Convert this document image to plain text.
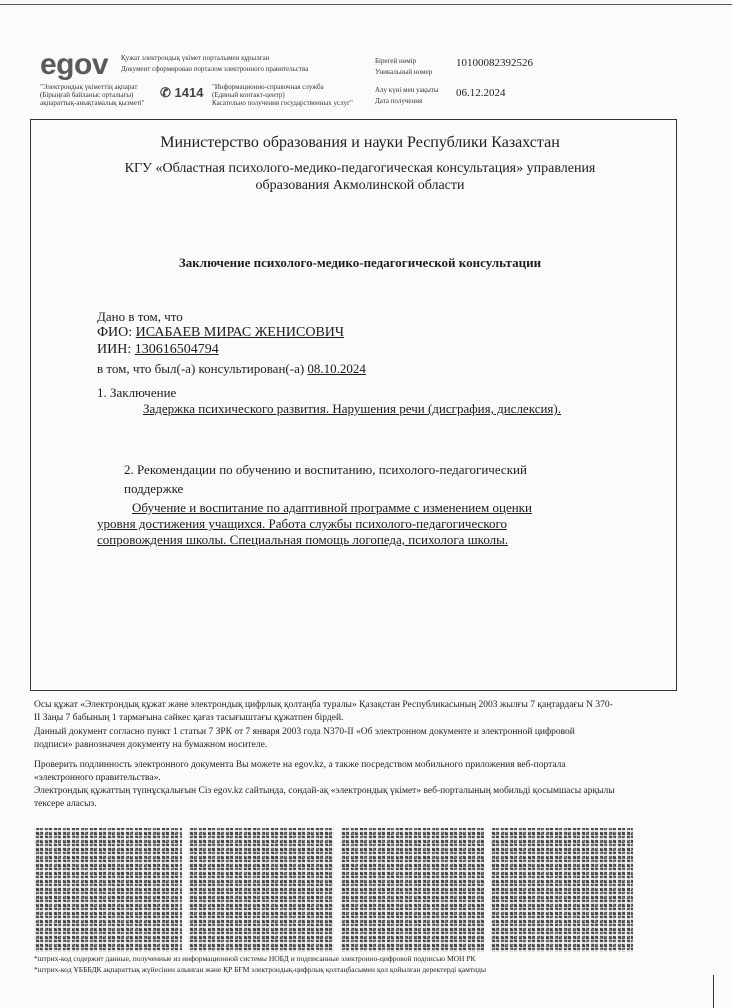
egov Қужат электрондық үкімет порталымен құрылған
Документ сформирован порталом электронного правительства
"Электрондық үкіметтің ақпарат
(Бірыңғай байланыс орталығы)
ақпараттық-анықтамалық қызметі"
✆ 1414 "Информационно-справочная служба
(Единый контакт-центр)
Касательно получения государственных услуг"
Бірегей нөмір
Уникальный номер
10100082392526
Алу күні мен уақыты
Дата получения
06.12.2024
Министерство образования и науки Республики Казахстан
КГУ «Областная психолого-медико-педагогическая консультация» управления
образования Акмолинской области
Заключение психолого-медико-педагогической консультации
Дано в том, что
ФИО: ИСАБАЕВ МИРАС ЖЕНИСОВИЧ
ИИН: 130616504794
в том, что был(-а) консультирован(-а) 08.10.2024
1. Заключение
Задержка психического развития. Нарушения речи (дисграфия, дислексия).
2. Рекомендации по обучению и воспитанию, психолого-педагогический
поддержке
Обучение и воспитание по адаптивной программе с изменением оценки
уровня достижения учащихся. Работа службы психолого-педагогического
сопровождения школы. Специальная помощь логопеда, психолога школы.
Осы құжат «Электрондық құжат және электрондық цифрлық қолтаңба туралы» Қазақстан Республикасының 2003 жылғы 7 қаңтардағы N 370-
II Заңы 7 бабының 1 тармағына сәйкес қағаз тасығыштағы құжатпен бірдей.
Данный документ согласно пункт 1 статьи 7 ЗРК от 7 января 2003 года N370-II «Об электронном документе и электронной цифровой
подписи» равнозначен документу на бумажном носителе.
Проверить подлинность электронного документа Вы можете на egov.kz, а также посредством мобильного приложения веб-портала
«электронного правительства».
Электрондық құжаттың түпнұсқалығын Сіз egov.kz сайтында, сондай-ақ «электрондық үкімет» веб-порталының мобильді қосымшасы арқылы
тексере аласыз.
*штрих-код содержит данные, полученные из информационной системы НОБД и подписанные электронно-цифровой подписью МОН РК
*штрих-код ҰБББДК ақпараттық жүйесінен алынған және ҚР БҒМ электрондық-цифрлық қолтаңбасымен қол қойылған деректерді қамтиды
